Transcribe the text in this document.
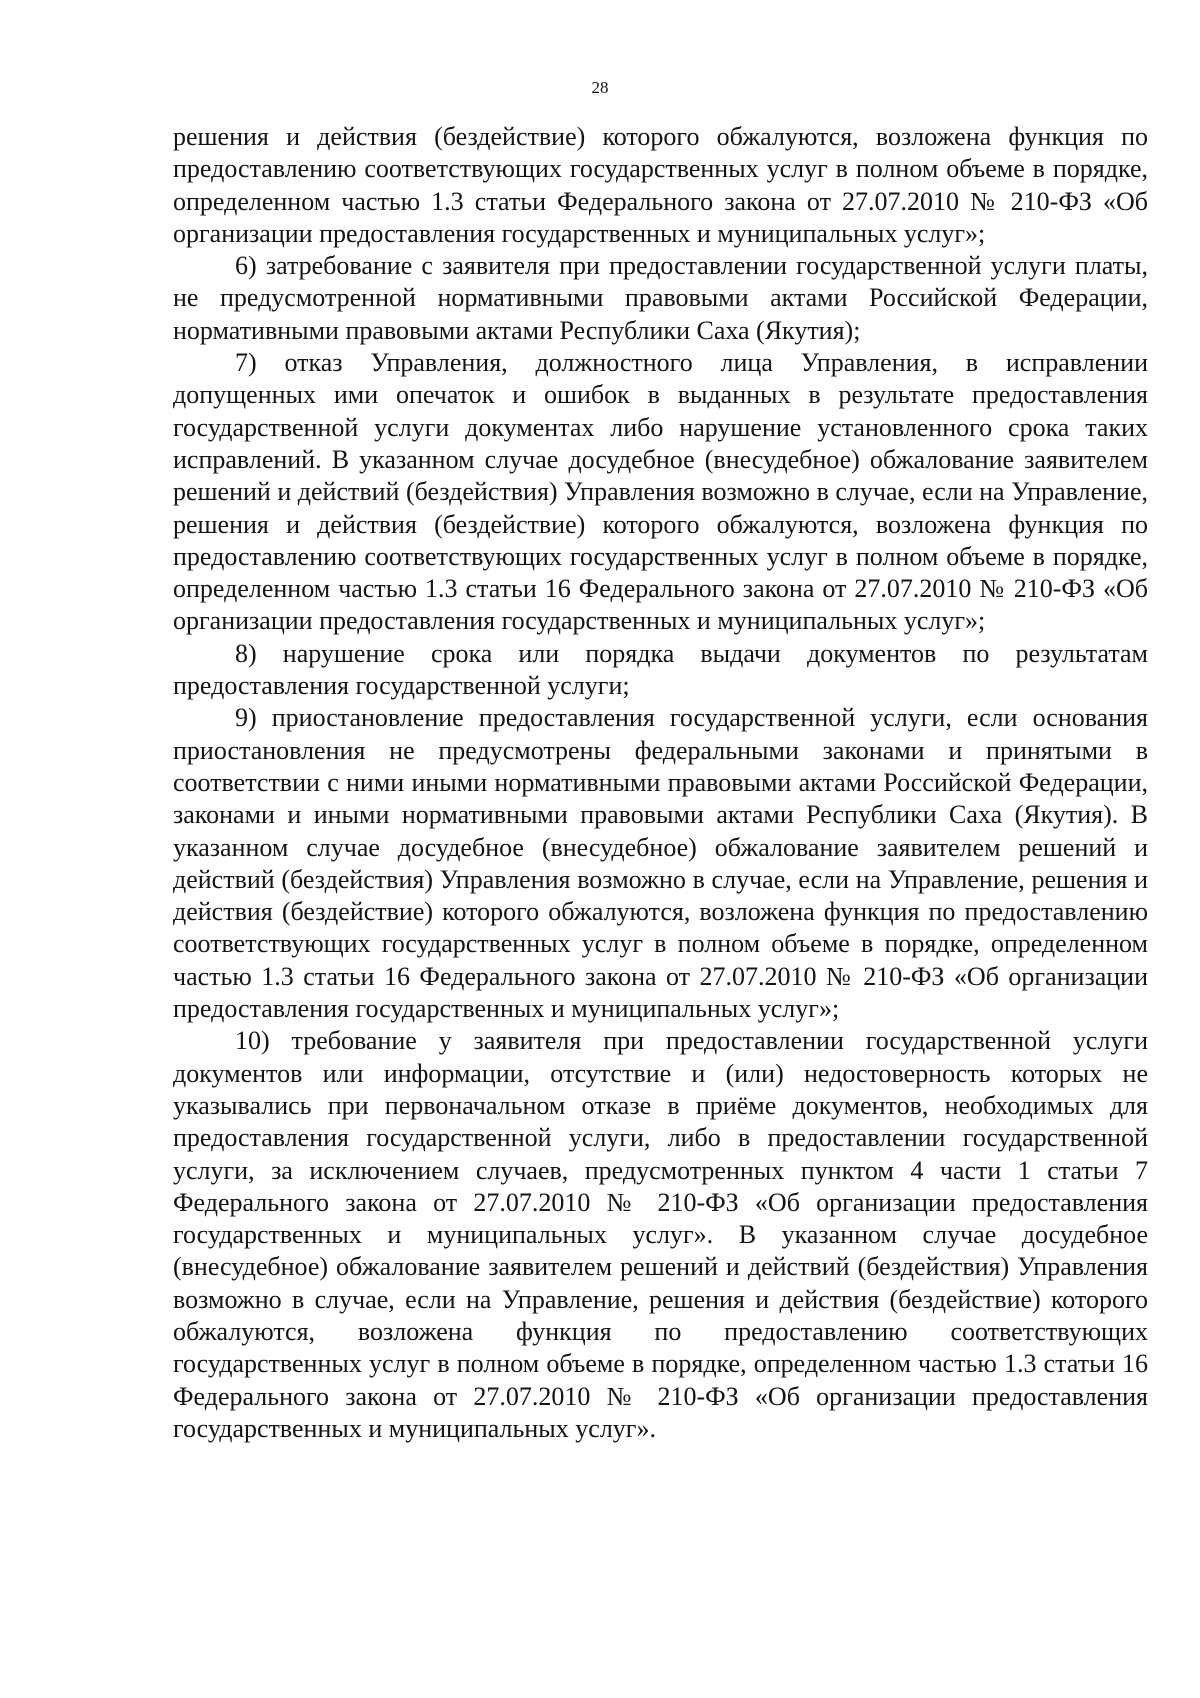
28

решения и действия (бездействие) которого обжалуются, возложена функция по предоставлению соответствующих государственных услуг в полном объеме в порядке, определенном частью 1.3 статьи Федерального закона от 27.07.2010 № 210-ФЗ «Об организации предоставления государственных и муниципальных услуг»;

6) затребование с заявителя при предоставлении государственной услуги платы, не предусмотренной нормативными правовыми актами Российской Федерации, нормативными правовыми актами Республики Саха (Якутия);

7) отказ Управления, должностного лица Управления, в исправлении допущенных ими опечаток и ошибок в выданных в результате предоставления государственной услуги документах либо нарушение установленного срока таких исправлений. В указанном случае досудебное (внесудебное) обжалование заявителем решений и действий (бездействия) Управления возможно в случае, если на Управление, решения и действия (бездействие) которого обжалуются, возложена функция по предоставлению соответствующих государственных услуг в полном объеме в порядке, определенном частью 1.3 статьи 16 Федерального закона от 27.07.2010 № 210-ФЗ «Об организации предоставления государственных и муниципальных услуг»;

8) нарушение срока или порядка выдачи документов по результатам предоставления государственной услуги;

9) приостановление предоставления государственной услуги, если основания приостановления не предусмотрены федеральными законами и принятыми в соответствии с ними иными нормативными правовыми актами Российской Федерации, законами и иными нормативными правовыми актами Республики Саха (Якутия). В указанном случае досудебное (внесудебное) обжалование заявителем решений и действий (бездействия) Управления возможно в случае, если на Управление, решения и действия (бездействие) которого обжалуются, возложена функция по предоставлению соответствующих государственных услуг в полном объеме в порядке, определенном частью 1.3 статьи 16 Федерального закона от 27.07.2010 № 210-ФЗ «Об организации предоставления государственных и муниципальных услуг»;

10) требование у заявителя при предоставлении государственной услуги документов или информации, отсутствие и (или) недостоверность которых не указывались при первоначальном отказе в приёме документов, необходимых для предоставления государственной услуги, либо в предоставлении государственной услуги, за исключением случаев, предусмотренных пунктом 4 части 1 статьи 7 Федерального закона от 27.07.2010 № 210-ФЗ «Об организации предоставления государственных и муниципальных услуг». В указанном случае досудебное (внесудебное) обжалование заявителем решений и действий (бездействия) Управления возможно в случае, если на Управление, решения и действия (бездействие) которого обжалуются, возложена функция по предоставлению соответствующих государственных услуг в полном объеме в порядке, определенном частью 1.3 статьи 16 Федерального закона от 27.07.2010 № 210-ФЗ «Об организации предоставления государственных и муниципальных услуг».
